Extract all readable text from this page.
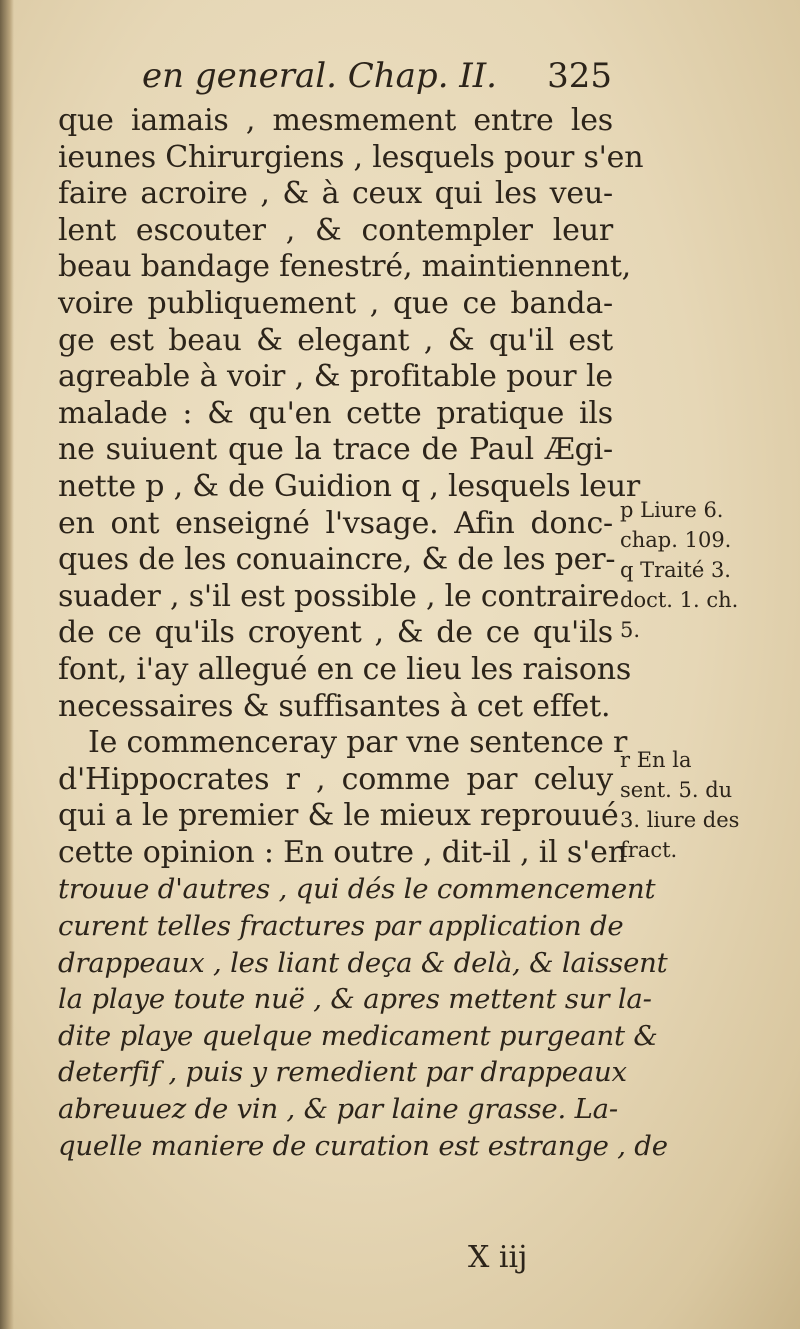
en general. Chap. II. 325
que iamais , mesmement entre les
ieunes Chirurgiens , lesquels pour s'en
faire acroire , & à ceux qui les veu-
lent escouter , & contempler leur
beau bandage fenestré, maintiennent,
voire publiquement , que ce banda-
ge est beau & elegant , & qu'il est
agreable à voir , & profitable pour le
malade : & qu'en cette pratique ils
ne suiuent que la trace de Paul Ægi-
nette p , & de Guidion q , lesquels leur
en ont enseigné l'vsage. Afin donc-
ques de les conuaincre, & de les per-
suader , s'il est possible , le contraire
de ce qu'ils croyent , & de ce qu'ils
font, i'ay allegué en ce lieu les raisons
necessaires & suffisantes à cet effet.
Ie commenceray par vne sentence r
d'Hippocrates r , comme par celuy
qui a le premier & le mieux reprouué
cette opinion : En outre , dit-il , il s'en
trouue d'autres , qui dés le commencement
curent telles fractures par application de
drappeaux , les liant deça & delà, & laissent
la playe toute nuë , & apres mettent sur la-
dite playe quelque medicament purgeant &
deterfif , puis y remedient par drappeaux
abreuuez de vin , & par laine grasse. La-
quelle maniere de curation est estrange , de
p Liure 6.
chap. 109.
q Traité 3.
doct. 1. ch.
5.
r En la
sent. 5. du
3. liure des
fract.
X iij
